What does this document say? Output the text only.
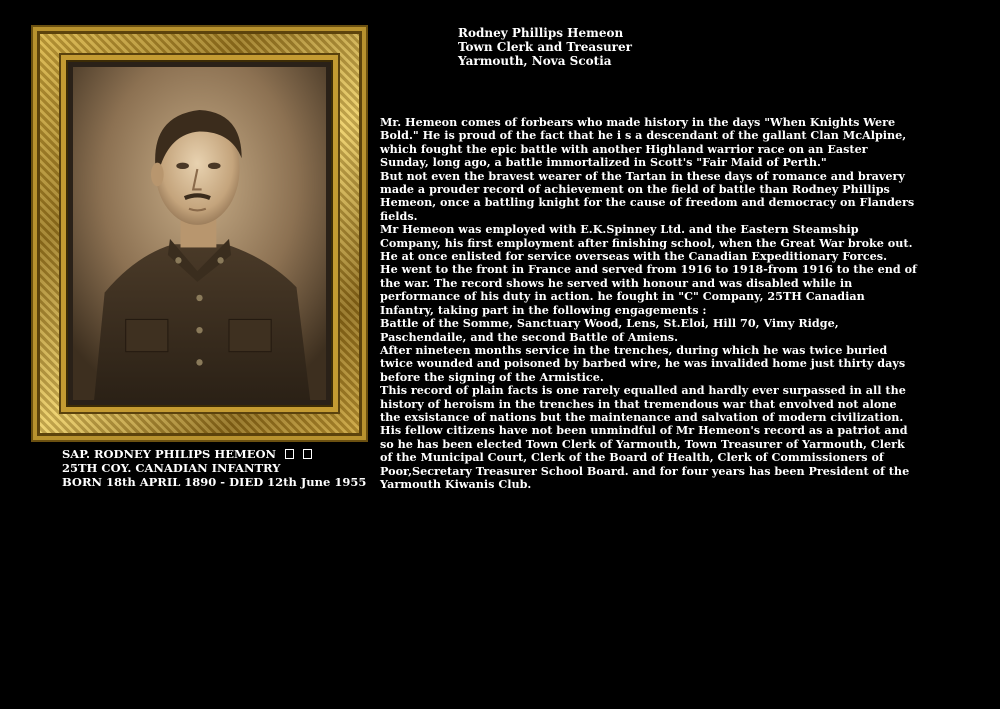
SAP. RODNEY PHILIPS HEMEON
25TH COY. CANADIAN INFANTRY
BORN 18th APRIL 1890 - DIED 12th June 1955
Rodney Phillips Hemeon
Town Clerk and Treasurer
Yarmouth, Nova Scotia
Mr. Hemeon comes of forbears who made history in the days "When Knights Were
Bold." He is proud of the fact that he i s a descendant of the gallant Clan McAlpine,
which fought the epic battle with another Highland warrior race on an Easter
Sunday, long ago, a battle immortalized in Scott's "Fair Maid of Perth."
But not even the bravest wearer of the Tartan in these days of romance and bravery
made a prouder record of achievement on the field of battle than Rodney Phillips
Hemeon, once a battling knight for the cause of freedom and democracy on Flanders
fields.
Mr Hemeon was employed with E.K.Spinney Ltd. and the Eastern Steamship
Company, his first employment after finishing school, when the Great War broke out.
He at once enlisted for service overseas with the Canadian Expeditionary Forces.
He went to the front in France and served from 1916 to 1918-from 1916 to the end of
the war. The record shows he served with honour and was disabled while in
performance of his duty in action. he fought in "C" Company, 25TH Canadian
Infantry, taking part in the following engagements :
Battle of the Somme, Sanctuary Wood, Lens, St.Eloi, Hill 70, Vimy Ridge,
Paschendaile, and the second Battle of Amiens.
After nineteen months service in the trenches, during which he was twice buried
twice wounded and poisoned by barbed wire, he was invalided home just thirty days
before the signing of the Armistice.
This record of plain facts is one rarely equalled and hardly ever surpassed in all the
history of heroism in the trenches in that tremendous war that envolved not alone
the exsistance of nations but the maintenance and salvation of modern civilization.
His fellow citizens have not been unmindful of Mr Hemeon's record as a patriot and
so he has been elected Town Clerk of Yarmouth, Town Treasurer of Yarmouth, Clerk
of the Municipal Court, Clerk of the Board of Health, Clerk of Commissioners of
Poor,Secretary Treasurer School Board. and for four years has been President of the
Yarmouth Kiwanis Club.
